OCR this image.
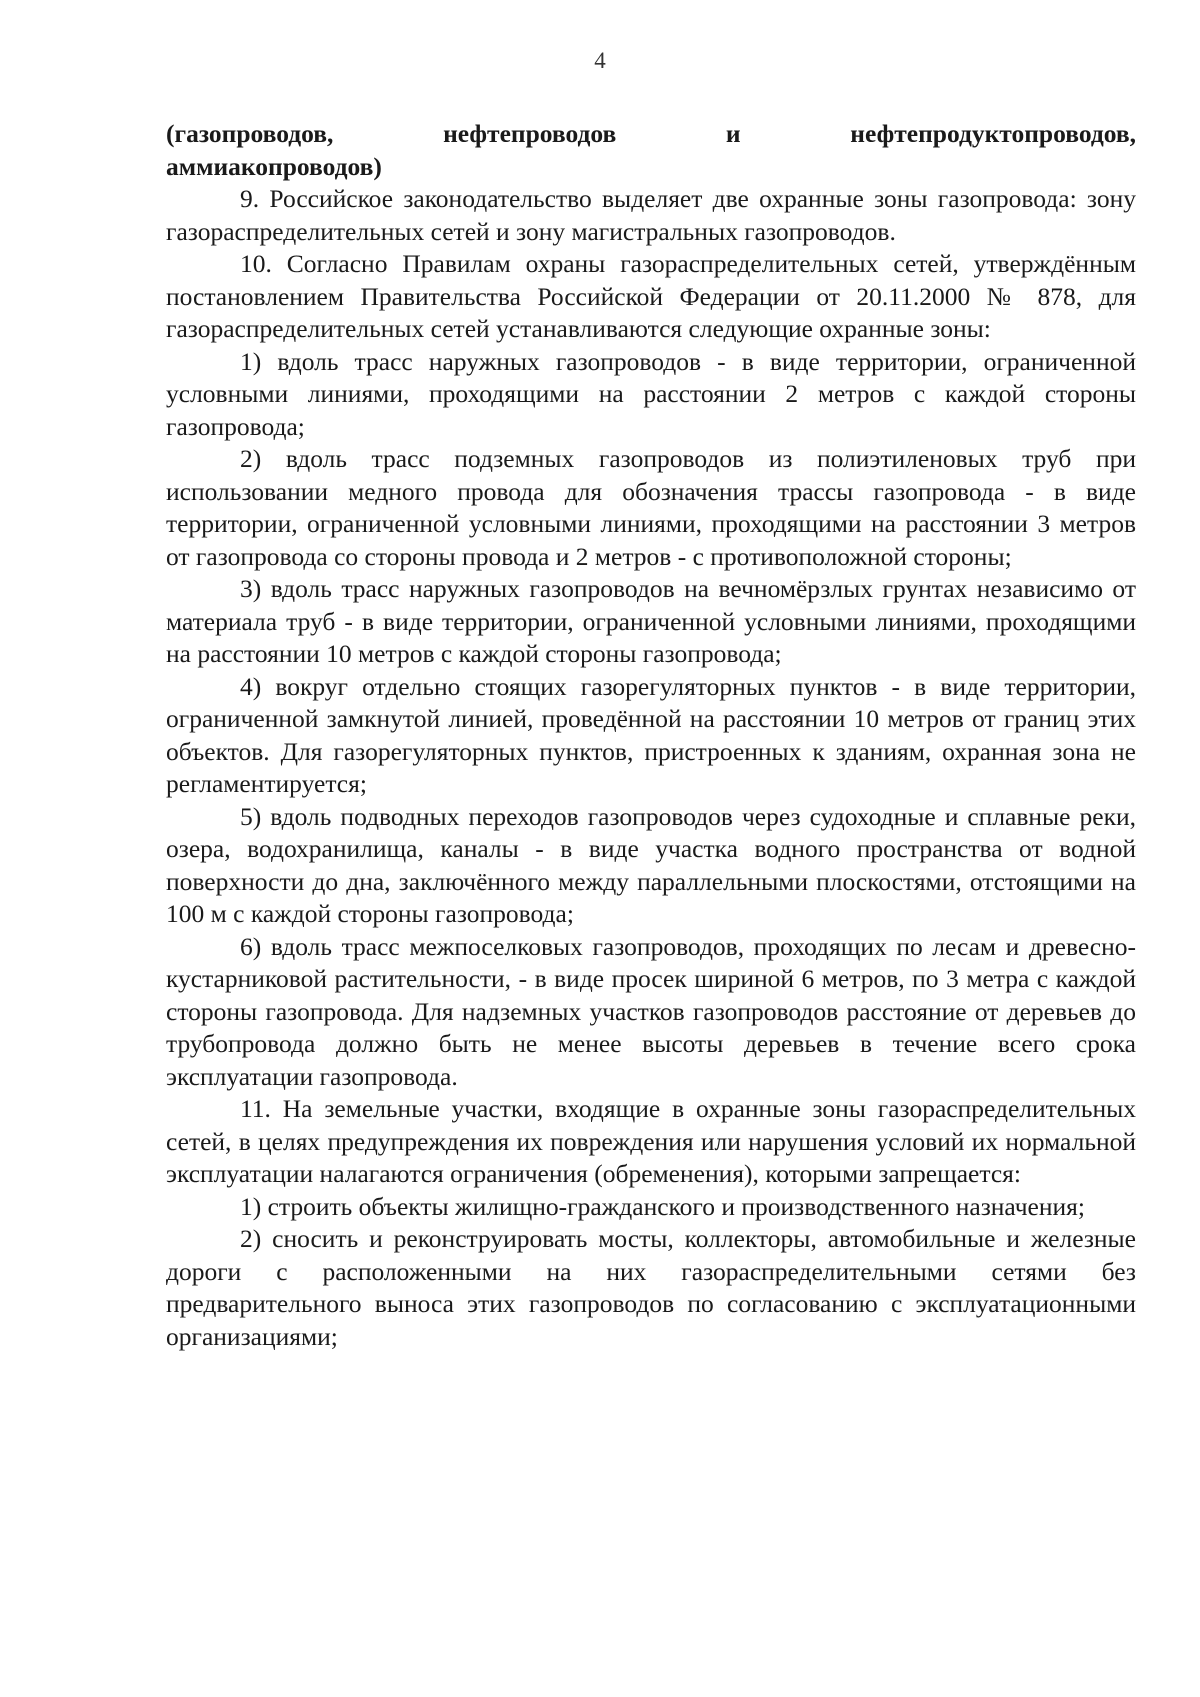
4

(газопроводов, нефтепроводов и нефтепродуктопроводов,
аммиакопроводов)

9. Российское законодательство выделяет две охранные зоны газопровода: зону газораспределительных сетей и зону магистральных газопроводов.

10. Согласно Правилам охраны газораспределительных сетей, утверждённым постановлением Правительства Российской Федерации от 20.11.2000 № 878, для газораспределительных сетей устанавливаются следующие охранные зоны:

1) вдоль трасс наружных газопроводов - в виде территории, ограниченной условными линиями, проходящими на расстоянии 2 метров с каждой стороны газопровода;

2) вдоль трасс подземных газопроводов из полиэтиленовых труб при использовании медного провода для обозначения трассы газопровода - в виде территории, ограниченной условными линиями, проходящими на расстоянии 3 метров от газопровода со стороны провода и 2 метров - с противоположной стороны;

3) вдоль трасс наружных газопроводов на вечномёрзлых грунтах независимо от материала труб - в виде территории, ограниченной условными линиями, проходящими на расстоянии 10 метров с каждой стороны газопровода;

4) вокруг отдельно стоящих газорегуляторных пунктов - в виде территории, ограниченной замкнутой линией, проведённой на расстоянии 10 метров от границ этих объектов. Для газорегуляторных пунктов, пристроенных к зданиям, охранная зона не регламентируется;

5) вдоль подводных переходов газопроводов через судоходные и сплавные реки, озера, водохранилища, каналы - в виде участка водного пространства от водной поверхности до дна, заключённого между параллельными плоскостями, отстоящими на 100 м с каждой стороны газопровода;

6) вдоль трасс межпоселковых газопроводов, проходящих по лесам и древесно-кустарниковой растительности, - в виде просек шириной 6 метров, по 3 метра с каждой стороны газопровода. Для надземных участков газопроводов расстояние от деревьев до трубопровода должно быть не менее высоты деревьев в течение всего срока эксплуатации газопровода.

11. На земельные участки, входящие в охранные зоны газораспределительных сетей, в целях предупреждения их повреждения или нарушения условий их нормальной эксплуатации налагаются ограничения (обременения), которыми запрещается:

1) строить объекты жилищно-гражданского и производственного назначения;

2) сносить и реконструировать мосты, коллекторы, автомобильные и железные дороги с расположенными на них газораспределительными сетями без предварительного выноса этих газопроводов по согласованию с эксплуатационными организациями;
